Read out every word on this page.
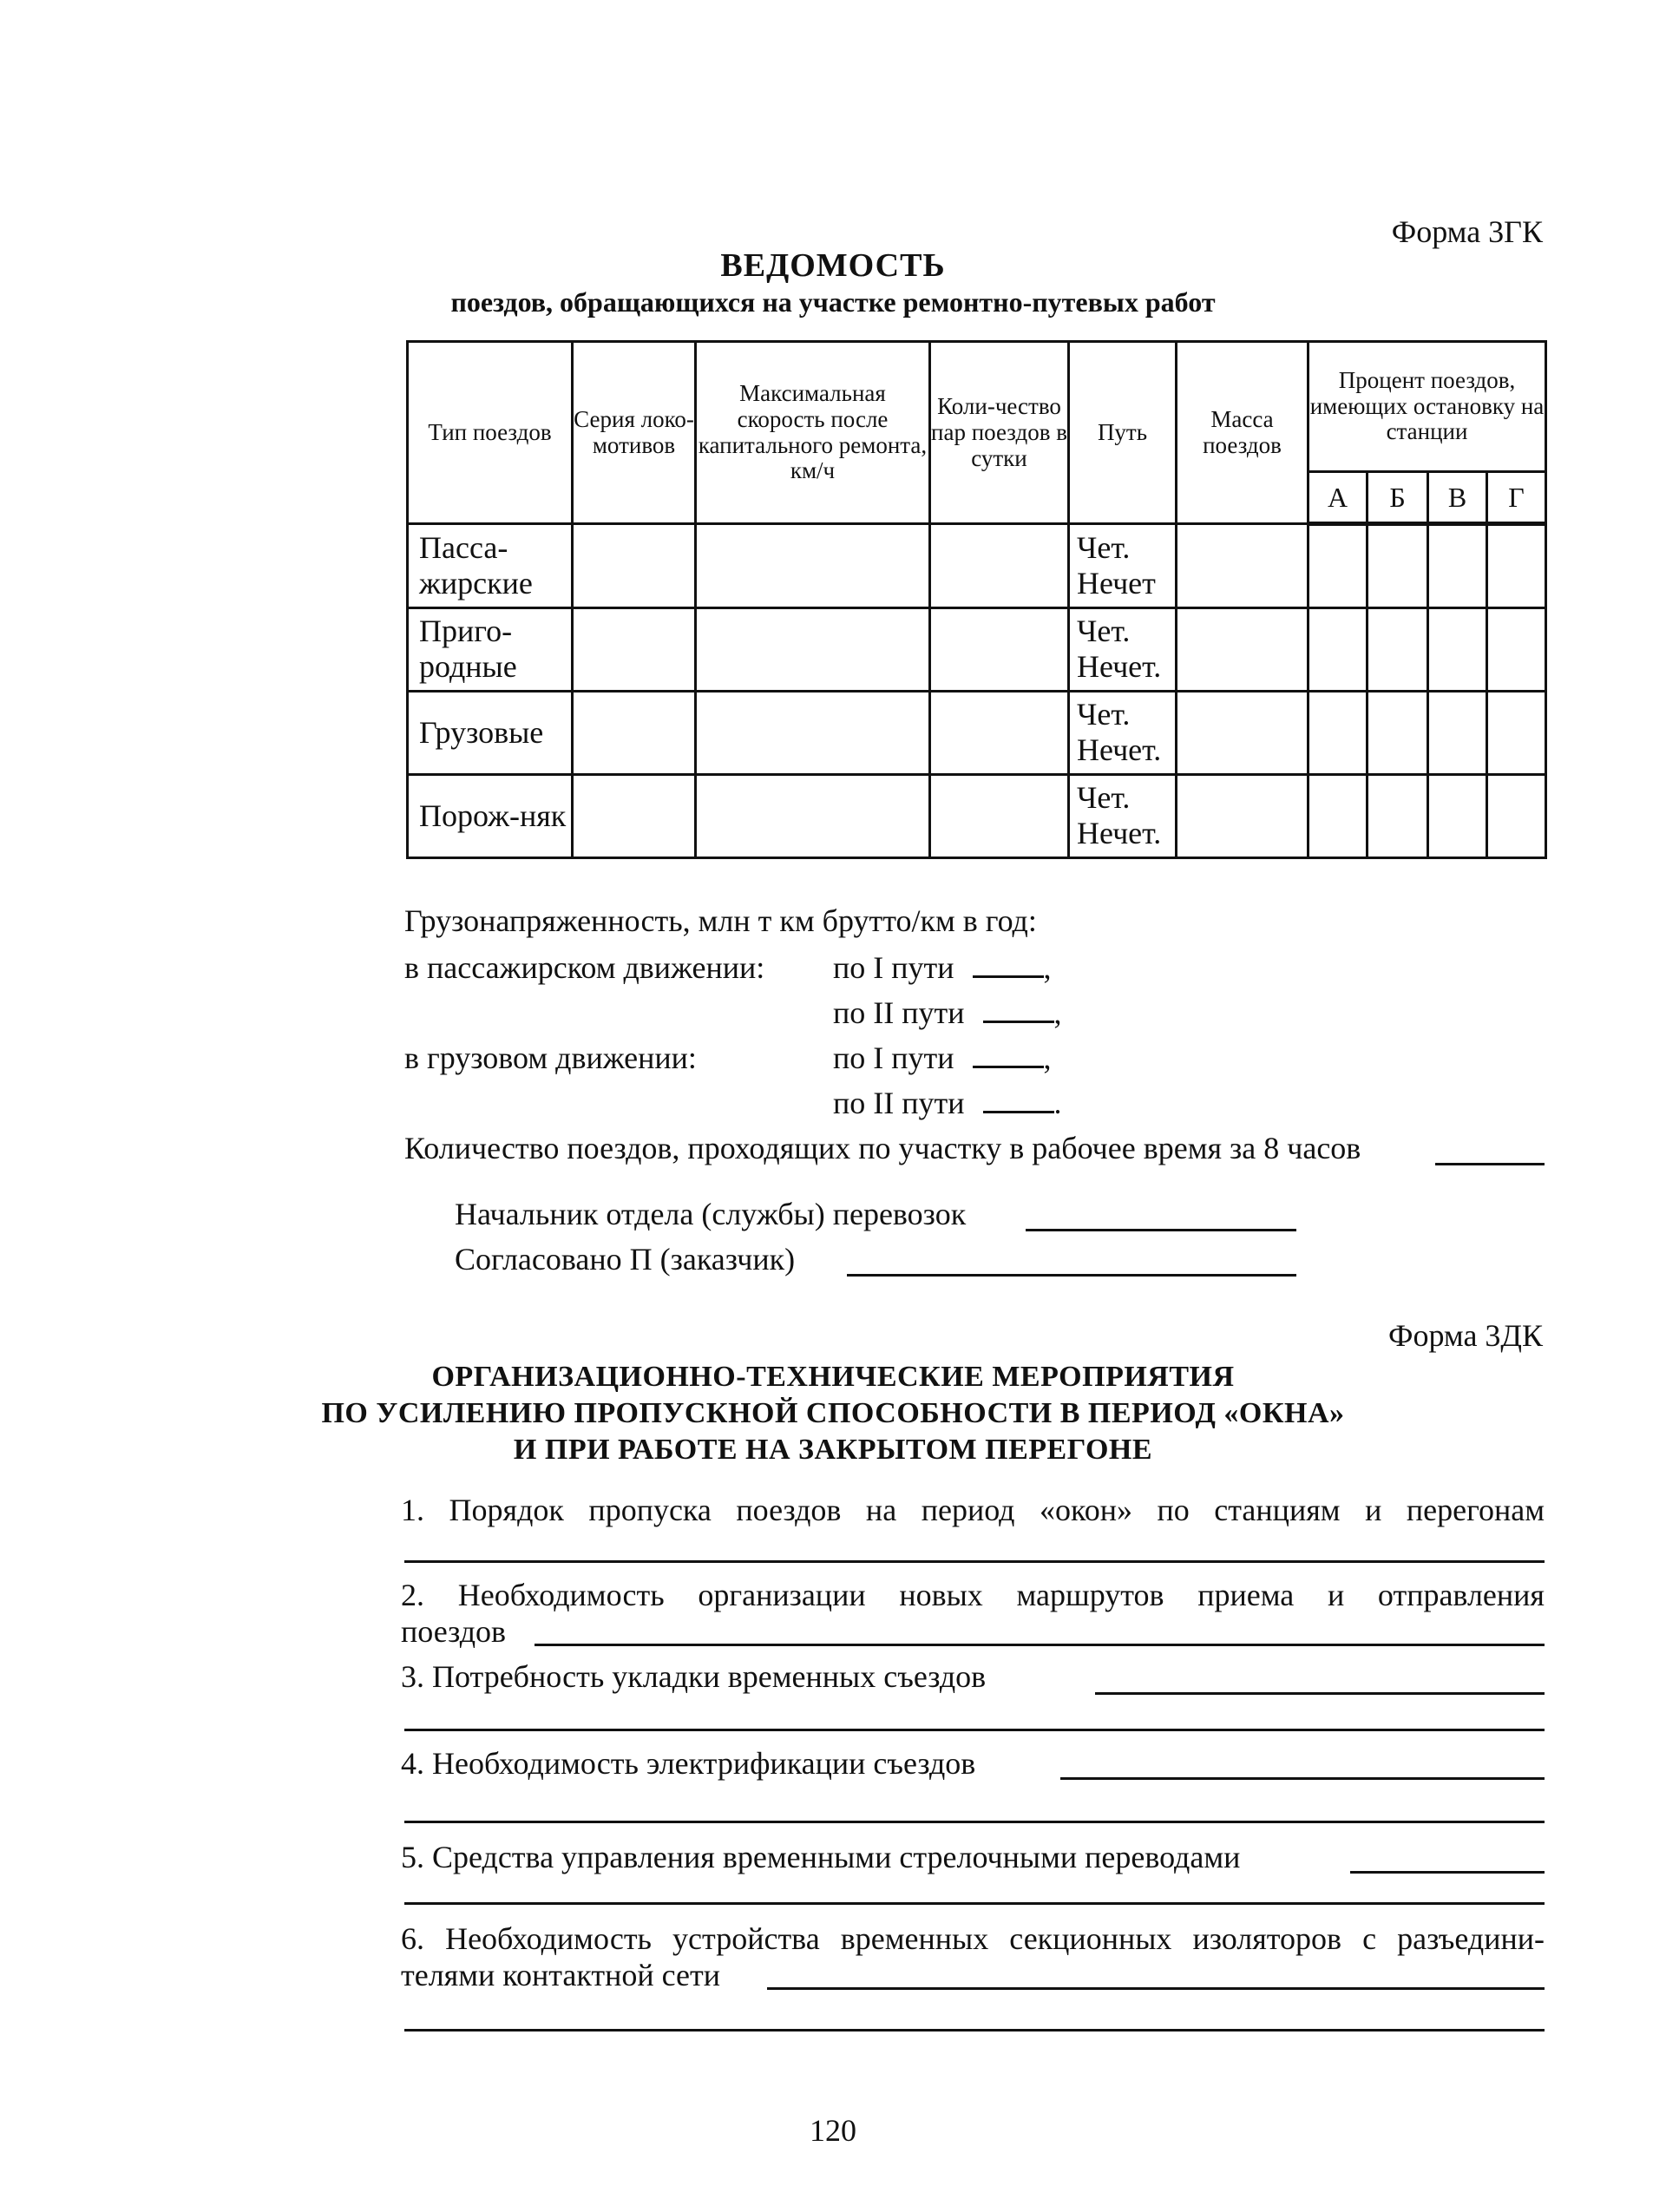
Форма 3ГК
ВЕДОМОСТЬ
поездов, обращающихся на участке ремонтно-путевых работ
Тип поездов	Серия локо-мотивов	Максимальная скорость после капитального ремонта, км/ч	Коли-чество пар поездов в сутки	Путь	Масса поездов	Процент поездов, имеющих остановку на станции			
						А	Б	В	Г
Пасса-жирские				Чет. Нечет					
Приго-родные				Чет. Нечет.					
Грузовые				Чет. Нечет.					
Порож-няк				Чет. Нечет.					
Грузонапряженность, млн т км брутто/км в год:
в пассажирском движении: по I пути	,
по II пути	,
в грузовом движении:	по I пути	,
по II пути	.
Количество поездов, проходящих по участку в рабочее время за 8 часов
Начальник отдела (службы) перевозок
Согласовано П (заказчик)
Форма 3ДК
ОРГАНИЗАЦИОННО-ТЕХНИЧЕСКИЕ МЕРОПРИЯТИЯ
ПО УСИЛЕНИЮ ПРОПУСКНОЙ СПОСОБНОСТИ В ПЕРИОД «ОКНА»
И ПРИ РАБОТЕ НА ЗАКРЫТОМ ПЕРЕГОНЕ
1. Порядок пропуска поездов на период «окон» по станциям и перегонам
2. Необходимость организации новых маршрутов приема и отправления
поездов
3. Потребность укладки временных съездов
4. Необходимость электрификации съездов
5. Средства управления временными стрелочными переводами
6. Необходимость устройства временных секционных изоляторов с разъедини-
телями контактной сети
120
